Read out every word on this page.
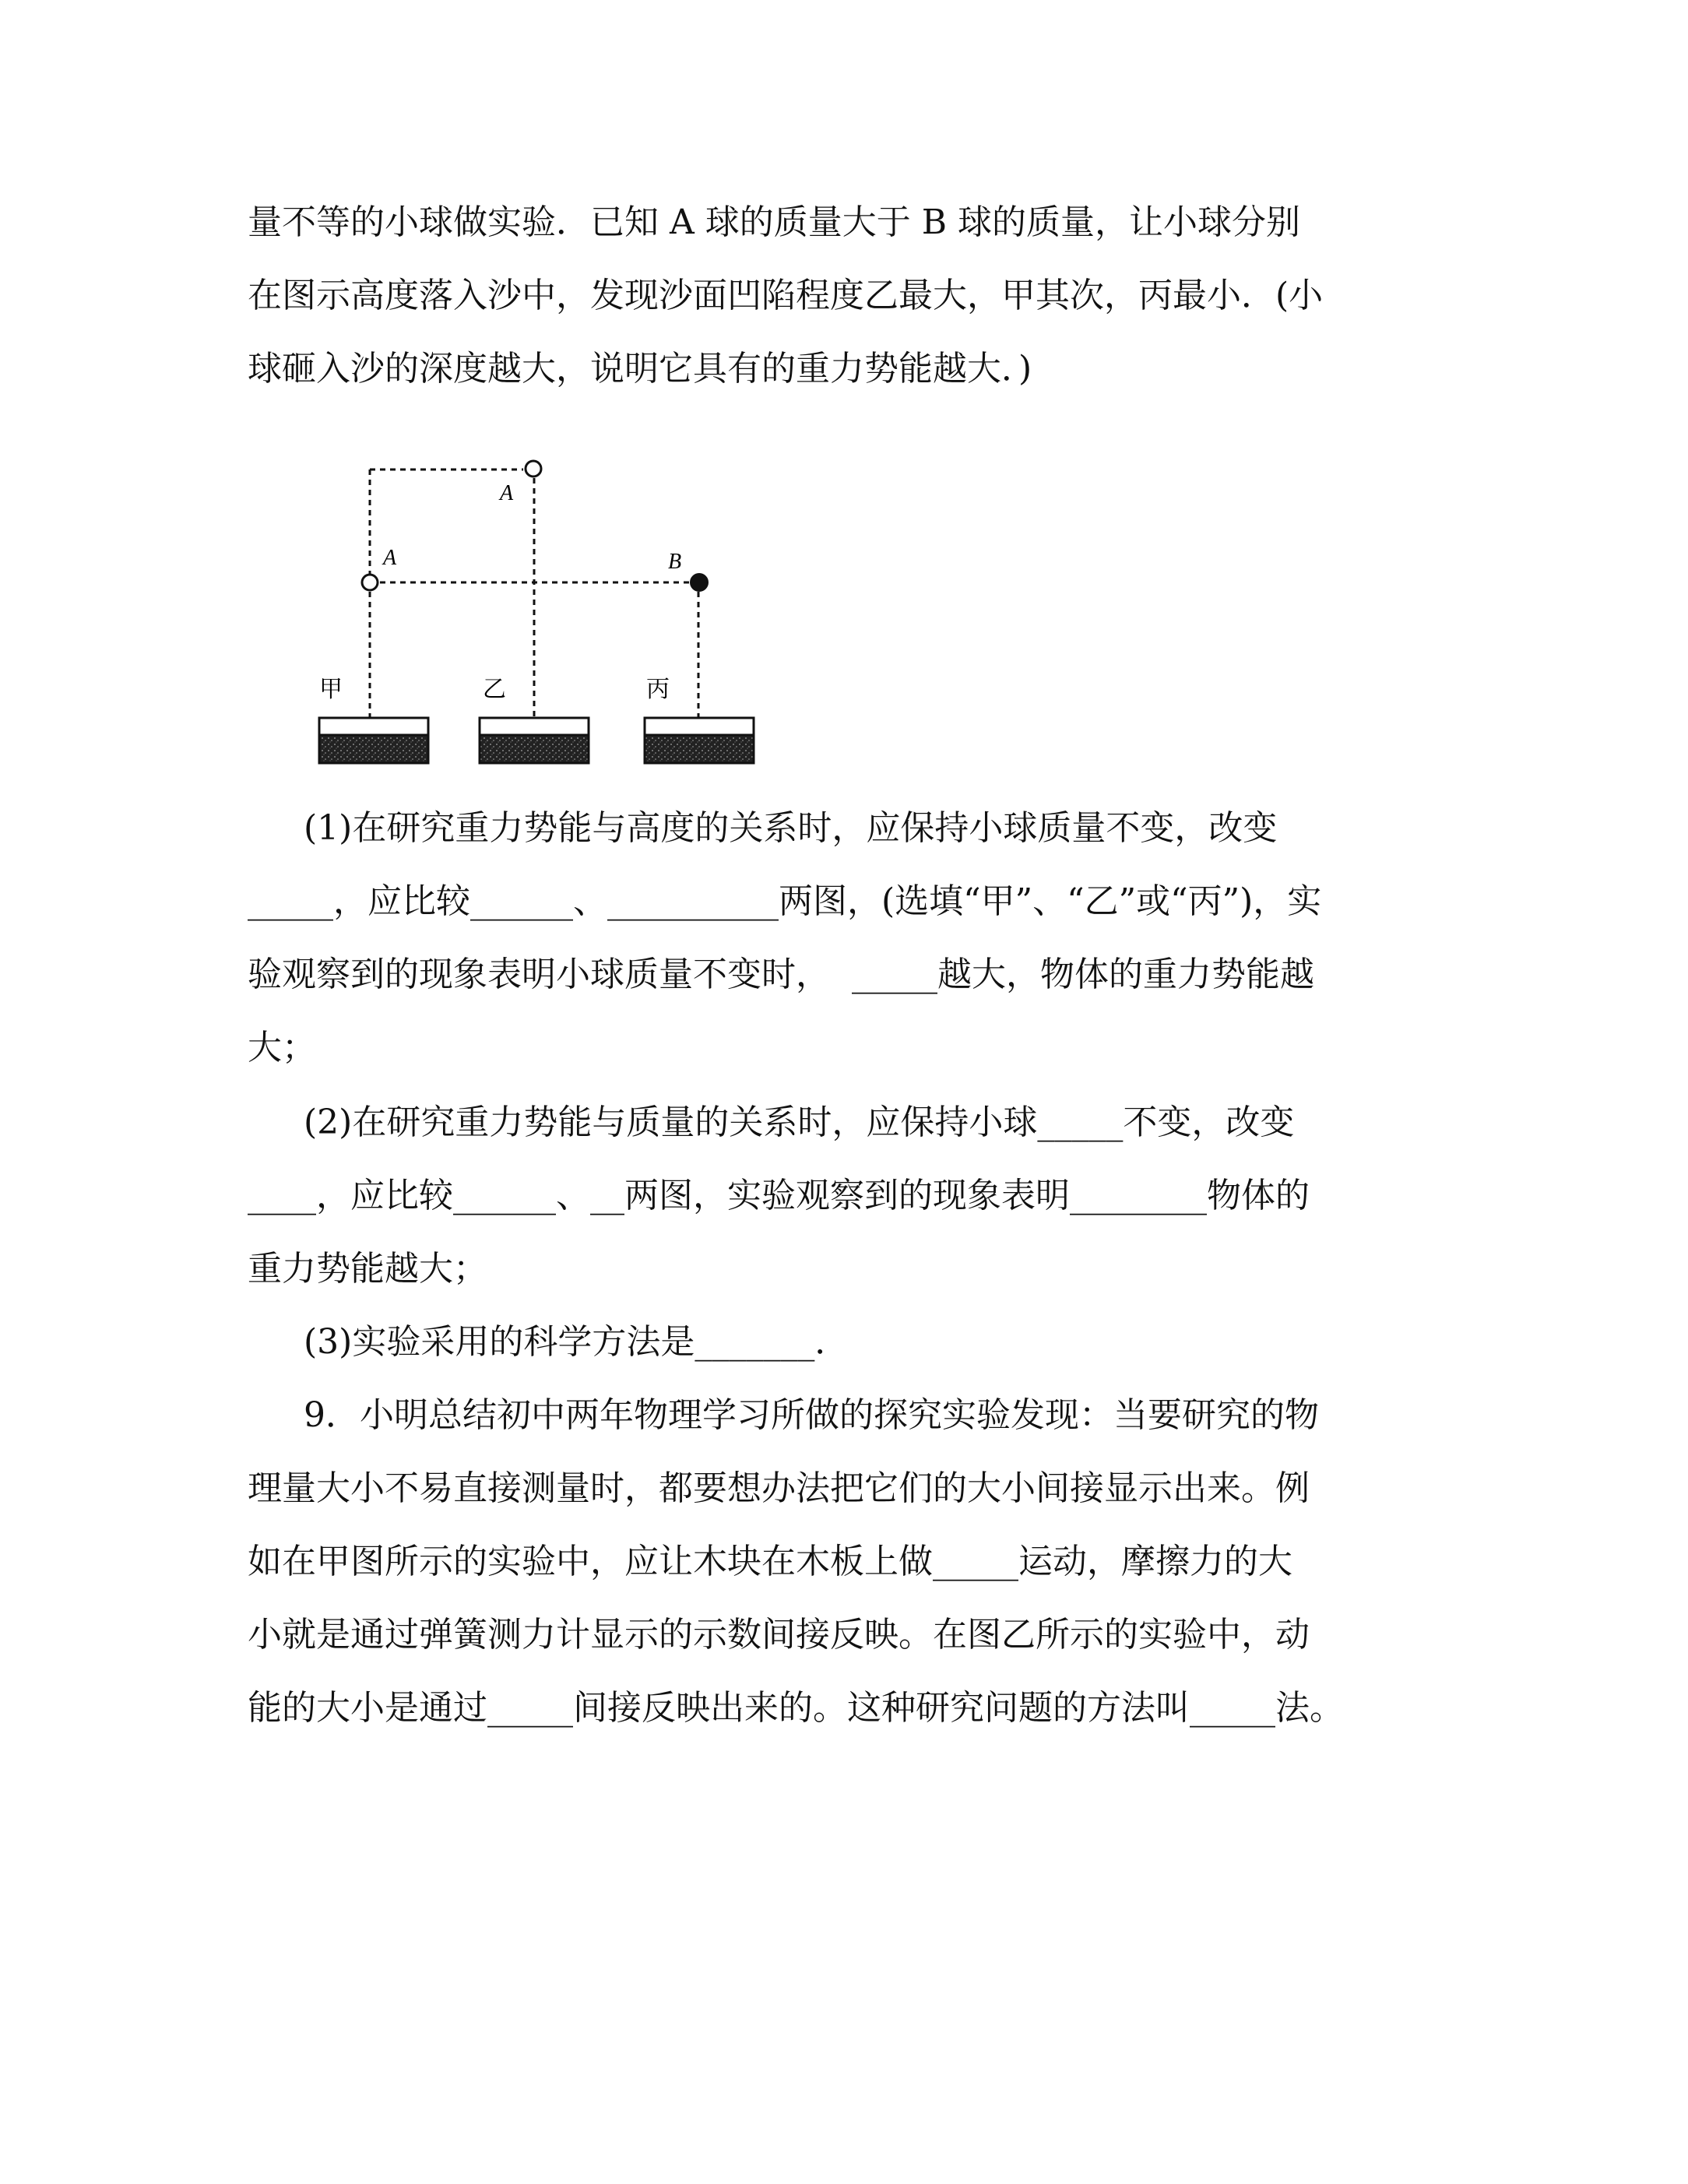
量不等的小球做实验．已知 A 球的质量大于 B 球的质量，让小球分别
在图示高度落入沙中，发现沙面凹陷程度乙最大，甲其次，丙最小．(小
球砸入沙的深度越大，说明它具有的重力势能越大．)
A
A	B
甲	乙	丙
(1)在研究重力势能与高度的关系时，应保持小球质量不变，改变
_____，应比较______、__________两图，(选填“甲”、“乙”或“丙”)，实
验观察到的现象表明小球质量不变时，  _____越大，物体的重力势能越
大；
(2)在研究重力势能与质量的关系时，应保持小球_____不变，改变
____，应比较______、__两图，实验观察到的现象表明________物体的
重力势能越大；
(3)实验采用的科学方法是_______．
9．小明总结初中两年物理学习所做的探究实验发现：当要研究的物
理量大小不易直接测量时，都要想办法把它们的大小间接显示出来。例
如在甲图所示的实验中，应让木块在木板上做_____运动，摩擦力的大
小就是通过弹簧测力计显示的示数间接反映。在图乙所示的实验中，动
能的大小是通过_____间接反映出来的。这种研究问题的方法叫_____法。
